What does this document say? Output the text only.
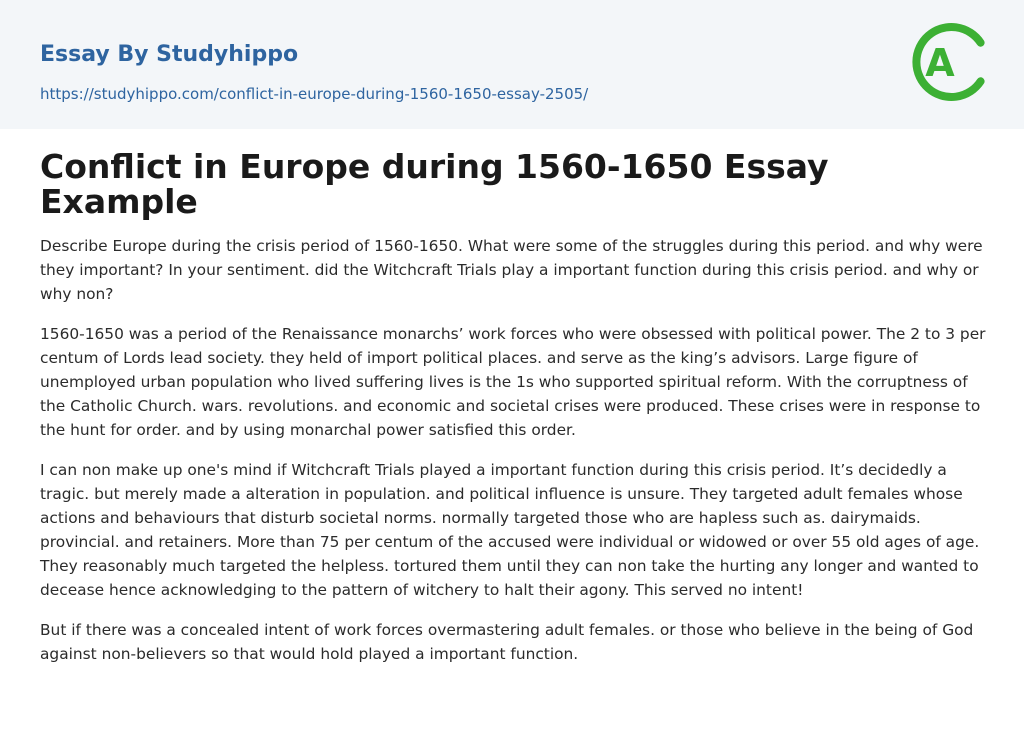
Essay By Studyhippo
https://studyhippo.com/conflict-in-europe-during-1560-1650-essay-2505/
A
Conflict in Europe during 1560-1650 Essay Example

Describe Europe during the crisis period of 1560-1650. What were some of the struggles during this period. and why were they important? In your sentiment. did the Witchcraft Trials play a important function during this crisis period. and why or why non?

1560-1650 was a period of the Renaissance monarchs’ work forces who were obsessed with political power. The 2 to 3 per centum of Lords lead society. they held of import political places. and serve as the king’s advisors. Large figure of unemployed urban population who lived suffering lives is the 1s who supported spiritual reform. With the corruptness of the Catholic Church. wars. revolutions. and economic and societal crises were produced. These crises were in response to the hunt for order. and by using monarchal power satisfied this order.

I can non make up one's mind if Witchcraft Trials played a important function during this crisis period. It’s decidedly a tragic. but merely made a alteration in population. and political influence is unsure. They targeted adult females whose actions and behaviours that disturb societal norms. normally targeted those who are hapless such as. dairymaids. provincial. and retainers. More than 75 per centum of the accused were individual or widowed or over 55 old ages of age. They reasonably much targeted the helpless. tortured them until they can non take the hurting any longer and wanted to decease hence acknowledging to the pattern of witchery to halt their agony. This served no intent!

But if there was a concealed intent of work forces overmastering adult females. or those who believe in the being of God against non-believers so that would hold played a important function.
